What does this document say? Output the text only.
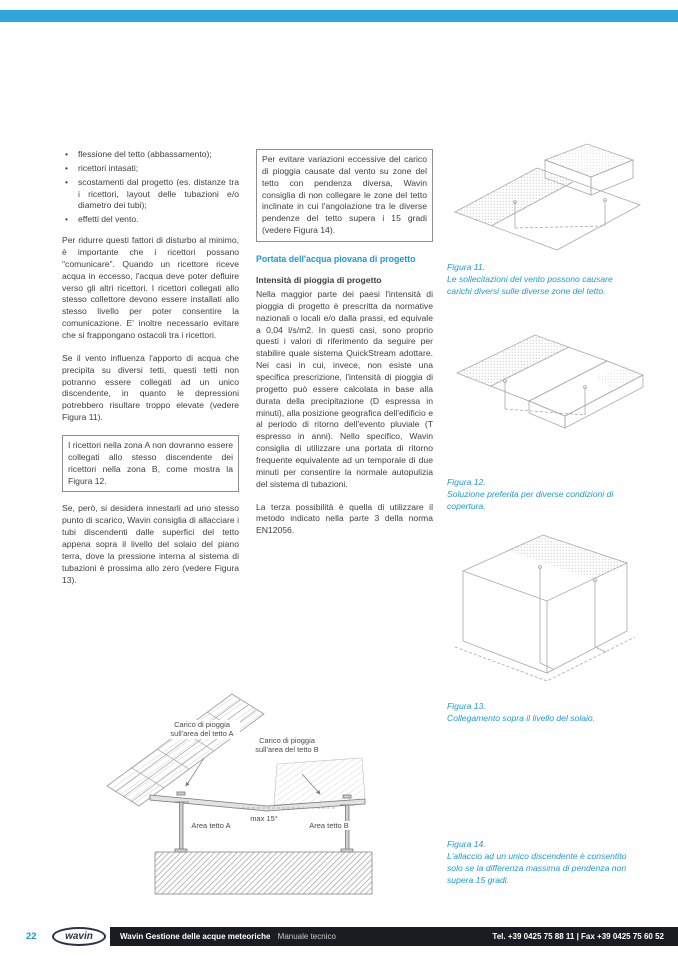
•	flessione del tetto (abbassamento);
•	ricettori intasati;
•	scostamenti dal progetto (es. distanze tra i ricettori, layout delle tubazioni e/o diametro dei tubi);
•	effetti del vento.

Per ridurre questi fattori di disturbo al minimo, è importante che i ricettori possano "comunicare". Quando un ricettore riceve acqua in eccesso, l'acqua deve poter defluire verso gli altri ricettori. I ricettori collegati allo stesso collettore devono essere installati allo stesso livello per poter consentire la comunicazione. E' inoltre necessario evitare che si frappongano ostacoli tra i ricettori.

Se il vento influenza l'apporto di acqua che precipita su diversi tetti, questi tetti non potranno essere collegati ad un unico discendente, in quanto le depressioni potrebbero risultare troppo elevate (vedere Figura 11).

I ricettori nella zona A non dovranno essere collegati allo stesso discendente dei ricettori nella zona B, come mostra la Figura 12.

Se, però, si desidera innestarli ad uno stesso punto di scarico, Wavin consiglia di allacciare i tubi discendenti dalle superfici del tetto appena sopra il livello del solaio del piano terra, dove la pressione interna al sistema di tubazioni è prossima allo zero (vedere Figura 13).

Per evitare variazioni eccessive del carico di pioggia causate dal vento su zone del tetto con pendenza diversa, Wavin consiglia di non collegare le zone del tetto inclinate in cui l'angolazione tra le diverse pendenze del tetto supera i 15 gradi (vedere Figura 14).

Portata dell'acqua piovana di progetto
Intensità di pioggia di progetto

Nella maggior parte dei paesi l'intensità di pioggia di progetto è prescritta da normative nazionali o locali e/o dalla prassi, ed equivale a 0,04 l/s/m2. In questi casi, sono proprio questi i valori di riferimento da seguire per stabilire quale sistema QuickStream adottare. Nei casi in cui, invece, non esiste una specifica prescrizione, l'intensità di pioggia di progetto può essere calcolata in base alla durata della precipitazione (D espressa in minuti), alla posizione geografica dell'edificio e al periodo di ritorno dell'evento pluviale (T espresso in anni). Nello specifico, Wavin consiglia di utilizzare una portata di ritorno frequente equivalente ad un temporale di due minuti per consentire la normale autopulizia del sistema di tubazioni.

La terza possibilità è quella di utilizzare il metodo indicato nella parte 3 della norma EN12056.

Figura 11.
Le sollecitazioni del vento possono causare carichi diversi sulle diverse zone del tetto.
Figura 12.
Soluzione preferita per diverse condizioni di copertura.
Figura 13.
Collegamento sopra il livello del solaio.
Figura 14.
L'allaccio ad un unico discendente è consentito solo se la differenza massima di pendenza non supera 15 gradi.
Carico di pioggia sull'area del tetto A
Carico di pioggia sull'area del tetto B
max 15°
Area tetto A	Area tetto B
22	wavin	Wavin Gestione delle acque meteoriche Manuale tecnico	Tel. +39 0425 75 88 11 | Fax +39 0425 75 60 52
